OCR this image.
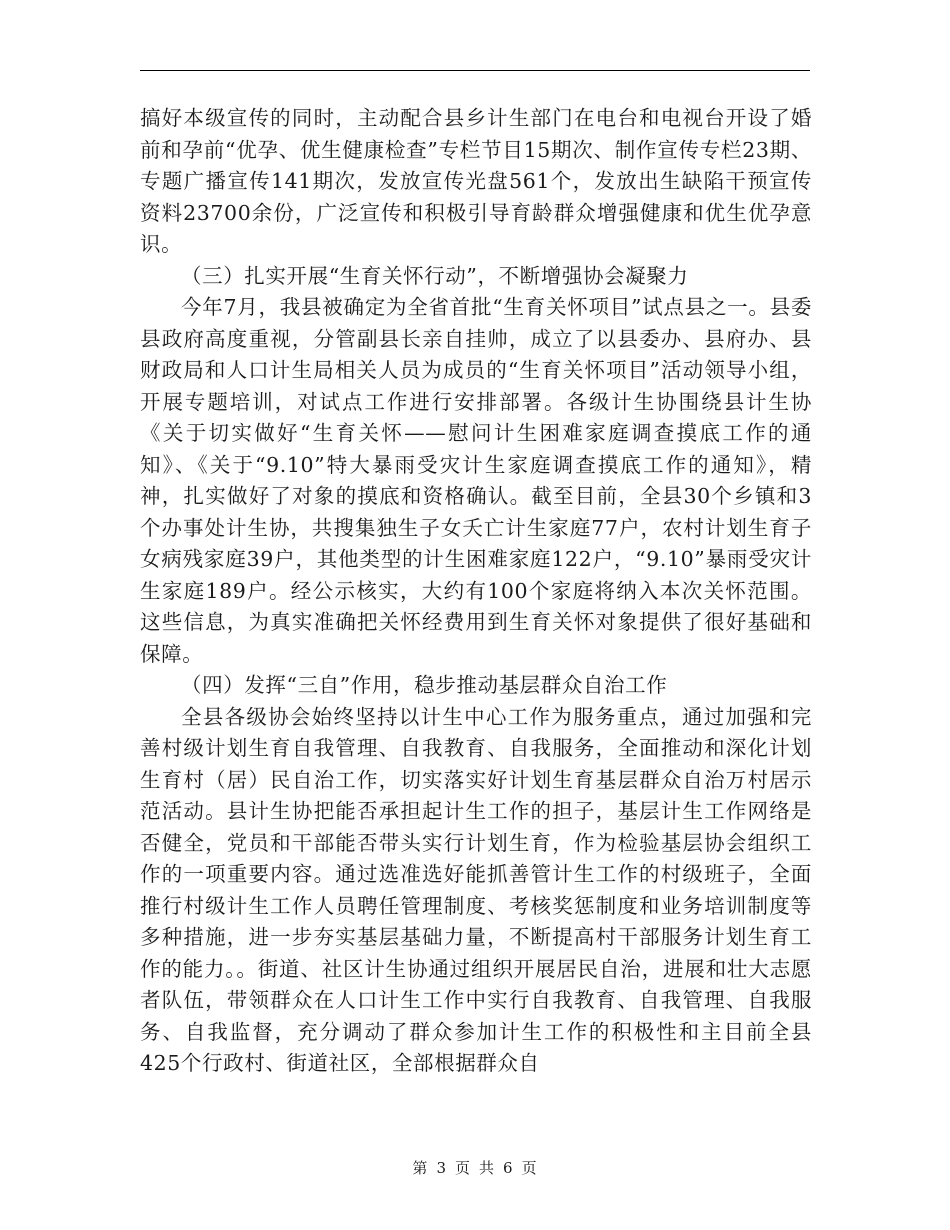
搞好本级宣传的同时，主动配合县乡计生部门在电台和电视台开设了婚前和孕前“优孕、优生健康检查”专栏节目15期次、制作宣传专栏23期、专题广播宣传141期次，发放宣传光盘561个，发放出生缺陷干预宣传资料23700余份，广泛宣传和积极引导育龄群众增强健康和优生优孕意识。

（三）扎实开展“生育关怀行动”，不断增强协会凝聚力

今年7月，我县被确定为全省首批“生育关怀项目”试点县之一。县委县政府高度重视，分管副县长亲自挂帅，成立了以县委办、县府办、县财政局和人口计生局相关人员为成员的“生育关怀项目”活动领导小组，开展专题培训，对试点工作进行安排部署。各级计生协围绕县计生协《关于切实做好“生育关怀——慰问计生困难家庭调查摸底工作的通知》、《关于“9.10”特大暴雨受灾计生家庭调查摸底工作的通知》，精神，扎实做好了对象的摸底和资格确认。截至目前，全县30个乡镇和3个办事处计生协，共搜集独生子女夭亡计生家庭77户，农村计划生育子女病残家庭39户，其他类型的计生困难家庭122户，“9.10”暴雨受灾计生家庭189户。经公示核实，大约有100个家庭将纳入本次关怀范围。这些信息，为真实准确把关怀经费用到生育关怀对象提供了很好基础和保障。

（四）发挥“三自”作用，稳步推动基层群众自治工作

全县各级协会始终坚持以计生中心工作为服务重点，通过加强和完善村级计划生育自我管理、自我教育、自我服务，全面推动和深化计划生育村（居）民自治工作，切实落实好计划生育基层群众自治万村居示范活动。县计生协把能否承担起计生工作的担子，基层计生工作网络是否健全，党员和干部能否带头实行计划生育，作为检验基层协会组织工作的一项重要内容。通过选准选好能抓善管计生工作的村级班子，全面推行村级计生工作人员聘任管理制度、考核奖惩制度和业务培训制度等多种措施，进一步夯实基层基础力量，不断提高村干部服务计划生育工作的能力。。街道、社区计生协通过组织开展居民自治，进展和壮大志愿者队伍，带领群众在人口计生工作中实行自我教育、自我管理、自我服务、自我监督，充分调动了群众参加计生工作的积极性和主目前全县425个行政村、街道社区，全部根据群众自

第 3 页 共 6 页
